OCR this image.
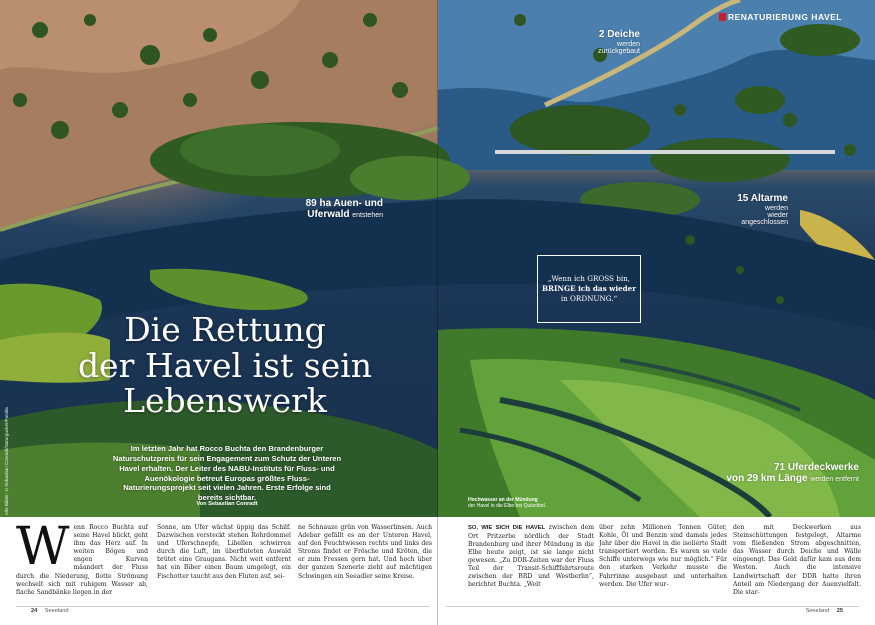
RENATURIERUNG HAVEL
2 Deiche
werden
zurückgebaut
89 ha Auen- und
Uferwald entstehen
15 Altarme
werden
wieder
angeschlossen
71 Uferdeckwerke
von 29 km Länge werden entfernt
„Wenn ich GROSS bin,
BRINGE ich das wieder
in ORDNUNG.“
Die Rettung
der Havel ist sein
Lebenswerk
Im letzten Jahr hat Rocco Buchta den Brandenburger Naturschutzpreis für sein Engagement zum Schutz der Unteren Havel erhalten. Der Leiter des NABU-Instituts für Fluss- und Auenökologie betreut Europas größtes Fluss-Naturierungsprojekt seit vielen Jahren. Erste Erfolge sind bereits sichtbar.
Von Sebastian Conradt
Alle Bilder: ©Sebastian Conradt/Naturgucker/Fotolia	Hochwasser an der Mündung
der Havel in die Elbe bei Quitzöbel.
W enn Rocco Buchta auf seine Havel blickt, geht ihm das Herz auf. In weiten Bögen und engen Kurven mäandert der Fluss durch die Niederung, flotte Strömung wechselt sich mit ruhigem Wasser ab, flache Sandbänke liegen in der
Sonne, am Ufer wächst üppig das Schilf. Dazwischen versteckt stehen Rohrdommel und Uferschnepfe, Libellen schwirren durch die Luft, im überfluteten Auwald brütet eine Graugans. Nicht weit entfernt hat ein Biber einen Baum umgelegt, ein Fischotter taucht aus den Fluten auf, sei-
ne Schnauze grün von Wasserlinsen. Auch Adebar gefällt es an der Unteren Havel, auf den Feuchtwiesen rechts und links des Stroms findet er Frösche und Kröten, die er zum Fressen gern hat. Und hoch über der ganzen Szenerie zieht auf mächtigen Schwingen ein Seeadler seine Kreise.
SO, WIE SICH DIE HAVEL zwischen dem Ort Pritzerbe nördlich der Stadt Brandenburg und ihrer Mündung in die Elbe heute zeigt, ist sie lange nicht gewesen. „Zu DDR-Zeiten war der Fluss Teil der Transit-Schifffahrtsroute zwischen der BRD und Westberlin“, berichtet Buchta. „Weit
über zehn Millionen Tonnen Güter, Kohle, Öl und Benzin sind damals jedes Jahr über die Havel in die isolierte Stadt transportiert worden. Es waren so viele Schiffe unterwegs wie nur möglich.“ Für den starken Verkehr musste die Fahrrinne ausgebaut und unterhalten werden. Die Ufer wur-
den mit Deckwerken aus Steinschüttungen festgelegt, Altarme vom fließenden Strom abgeschnitten, das Wasser durch Deiche und Wälle eingeengt. Das Geld dafür kam aus dem Westen. Auch die intensive Landwirtschaft der DDR hatte ihren Anteil am Niedergang der Auenvielfalt. Die star-
24 Seeeland	Seeeland 25
